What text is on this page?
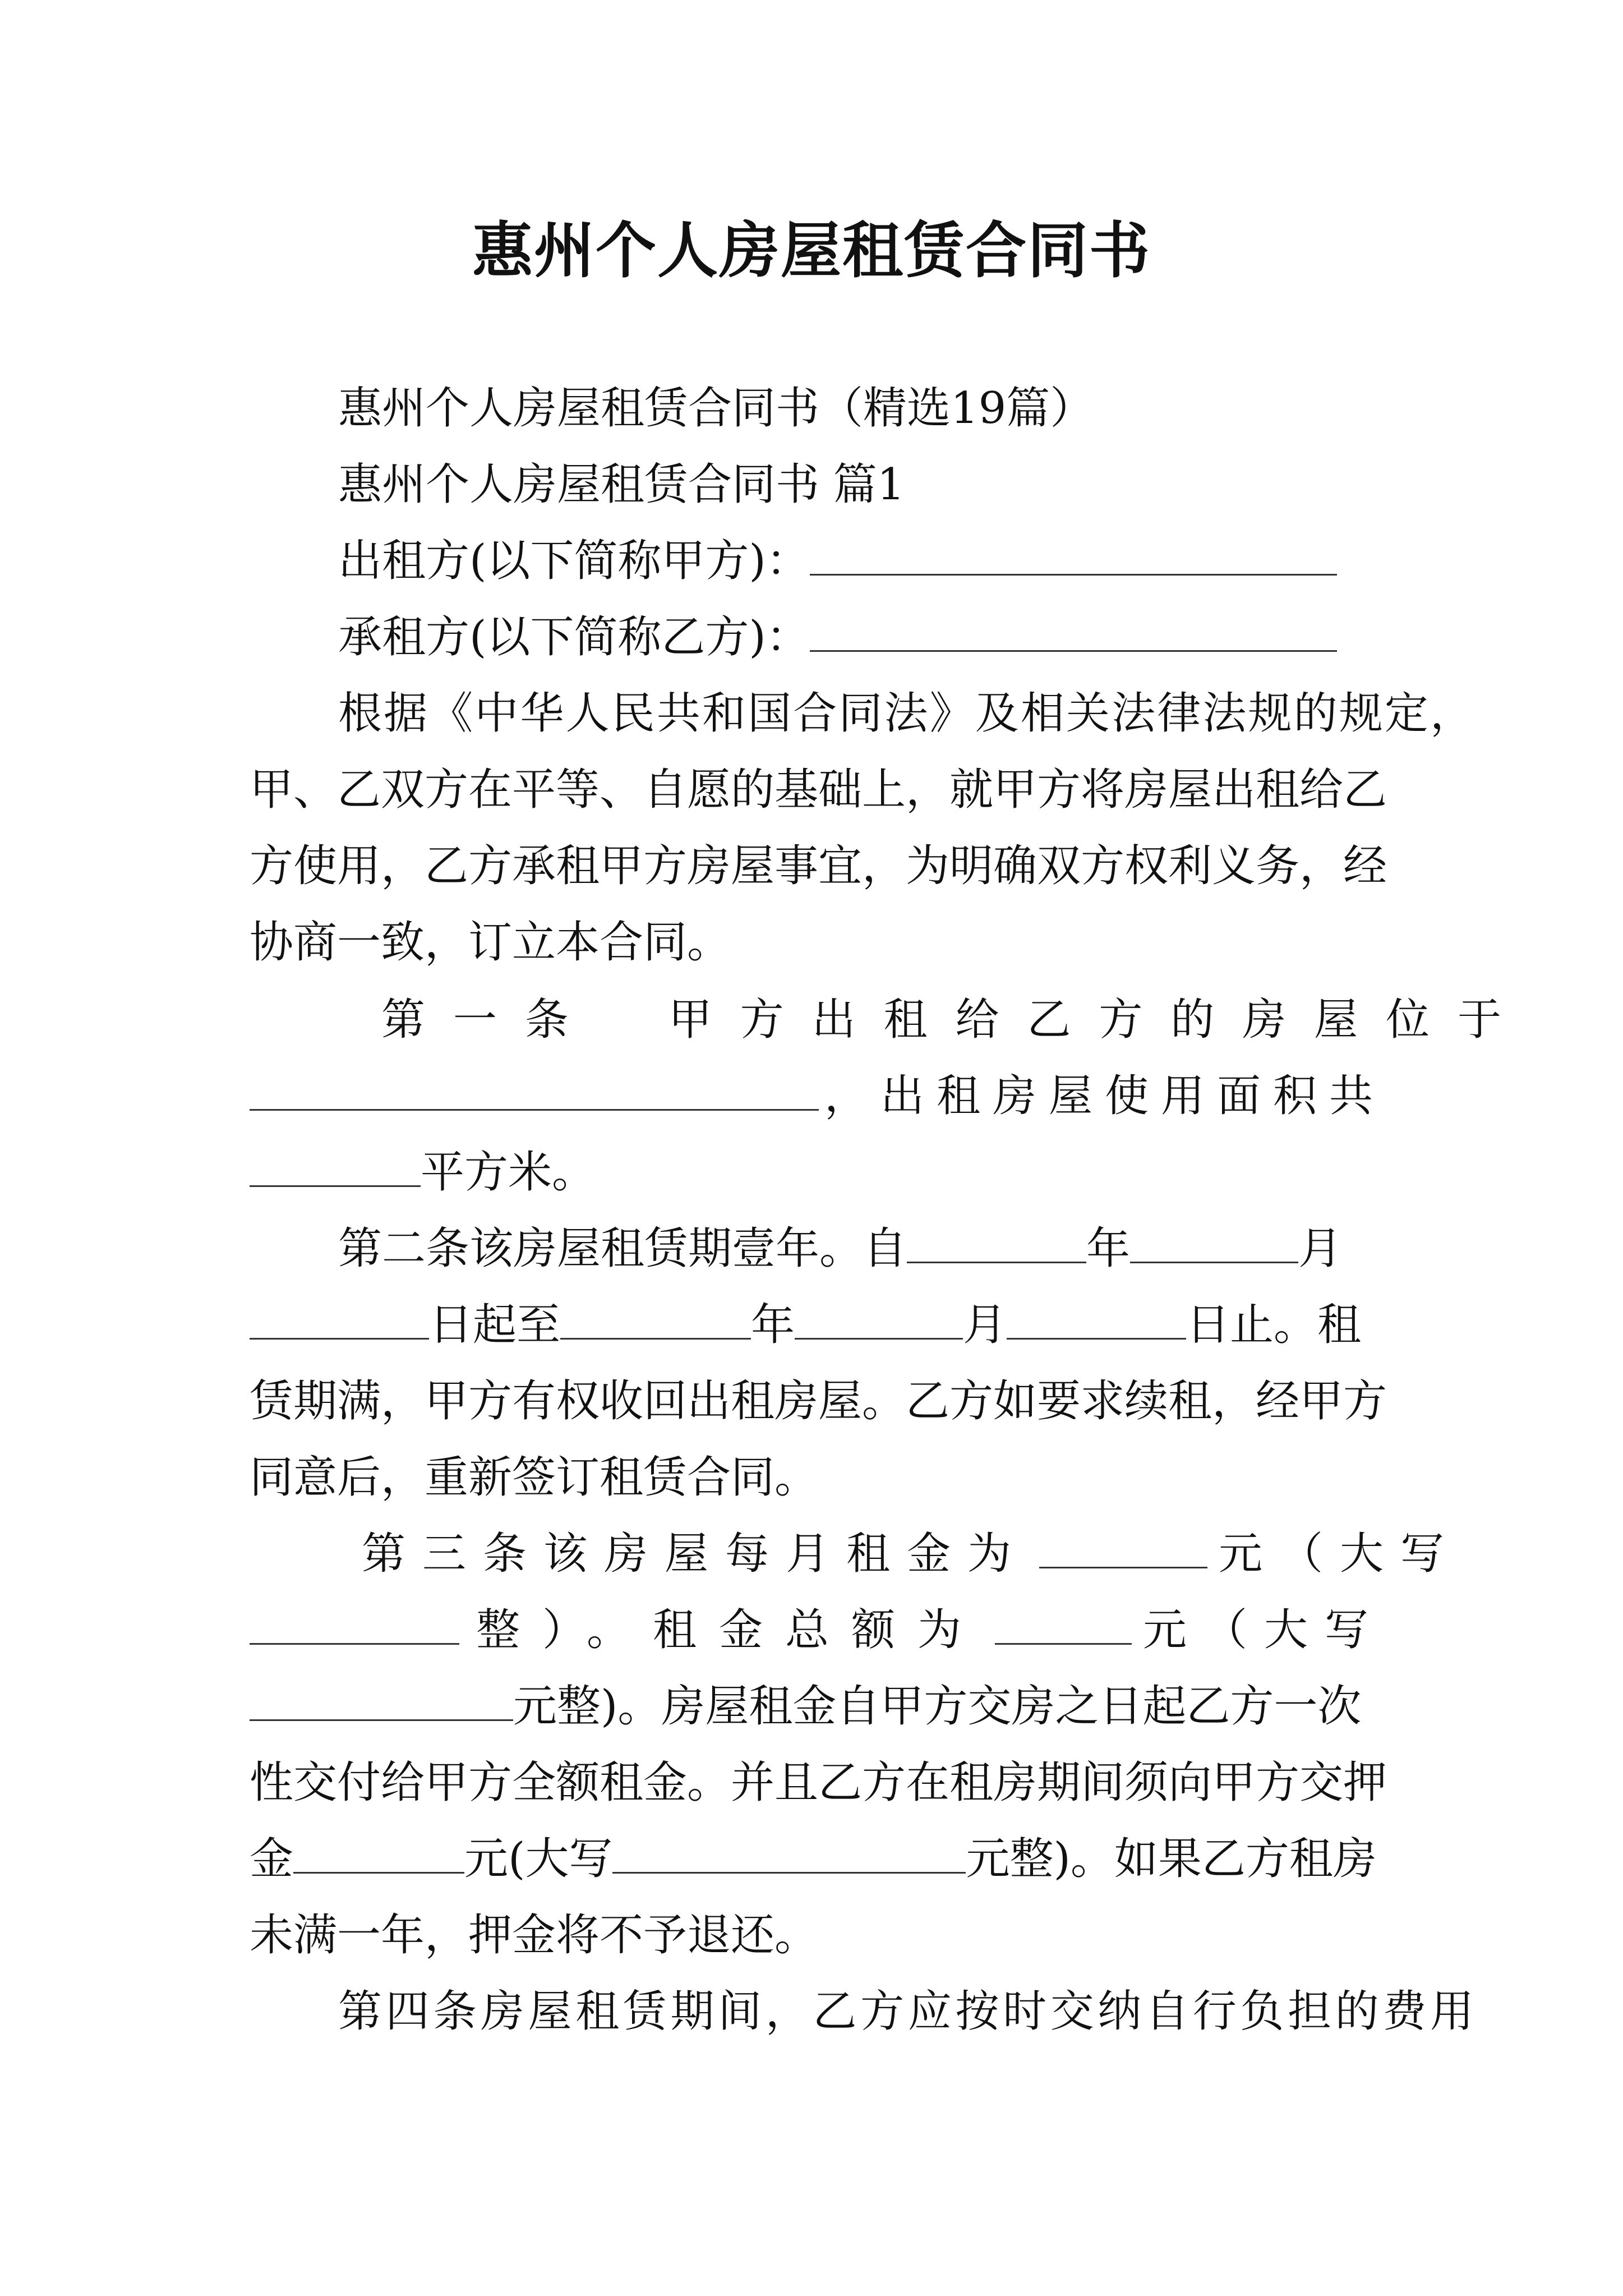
惠州个人房屋租赁合同书
惠州个人房屋租赁合同书（精选19篇）
惠州个人房屋租赁合同书 篇1
出租方(以下简称甲方)：
承租方(以下简称乙方)：
根据《中华人民共和国合同法》及相关法律法规的规定，
甲、乙双方在平等、自愿的基础上，就甲方将房屋出租给乙
方使用，乙方承租甲方房屋事宜，为明确双方权利义务，经
协商一致，订立本合同。
第一条　甲方出租给乙方的房屋位于
，出租房屋使用面积共
平方米。
第二条该房屋租赁期壹年。自	年	月
日起至	年	月	日止。租
赁期满，甲方有权收回出租房屋。乙方如要求续租，经甲方
同意后，重新签订租赁合同。
第三条该房屋每月租金为	元（大写
整）。租金总额为	元（大写
元整)。房屋租金自甲方交房之日起乙方一次
性交付给甲方全额租金。并且乙方在租房期间须向甲方交押
金	元(大写	元整)。如果乙方租房
未满一年，押金将不予退还。
第四条房屋租赁期间，乙方应按时交纳自行负担的费用
